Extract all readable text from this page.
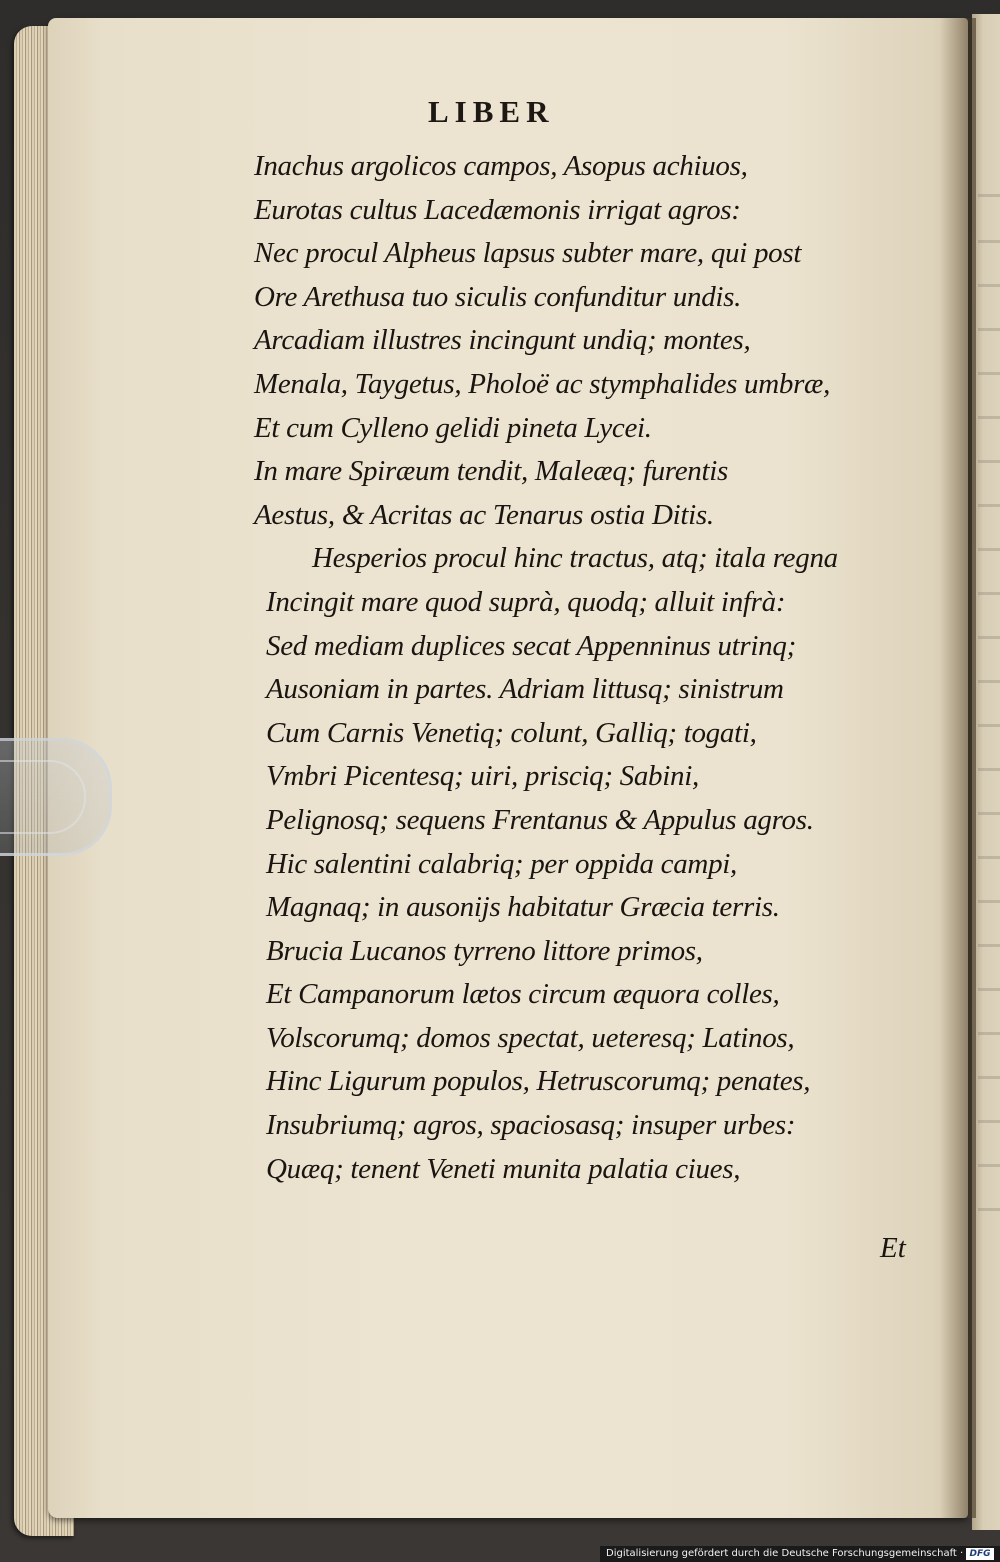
LIBER
Inachus argolicos campos, Asopus achiuos,
Eurotas cultus Lacedæmonis irrigat agros:
Nec procul Alpheus lapsus subter mare, qui post
Ore Arethusa tuo siculis confunditur undis.
Arcadiam illustres incingunt undiq; montes,
Menala, Taygetus, Pholoë ac stymphalides umbræ,
Et cum Cylleno gelidi pineta Lycei.
In mare Spiræum tendit, Maleæq; furentis
Aestus, & Acritas ac Tenarus ostia Ditis.
Hesperios procul hinc tractus, atq; itala regna
Incingit mare quod suprà, quodq; alluit infrà:
Sed mediam duplices secat Appenninus utrinq;
Ausoniam in partes. Adriam littusq; sinistrum
Cum Carnis Venetiq; colunt, Galliq; togati,
Vmbri Picentesq; uiri, prisciq; Sabini,
Pelignosq; sequens Frentanus & Appulus agros.
Hic salentini calabriq; per oppida campi,
Magnaq; in ausonijs habitatur Græcia terris.
Brucia Lucanos tyrreno littore primos,
Et Campanorum lætos circum æquora colles,
Volscorumq; domos spectat, ueteresq; Latinos,
Hinc Ligurum populos, Hetruscorumq; penates,
Insubriumq; agros, spaciosasq; insuper urbes:
Quæq; tenent Veneti munita palatia ciues,
Et
Digitalisierung gefördert durch die Deutsche Forschungsgemeinschaft · DFG
